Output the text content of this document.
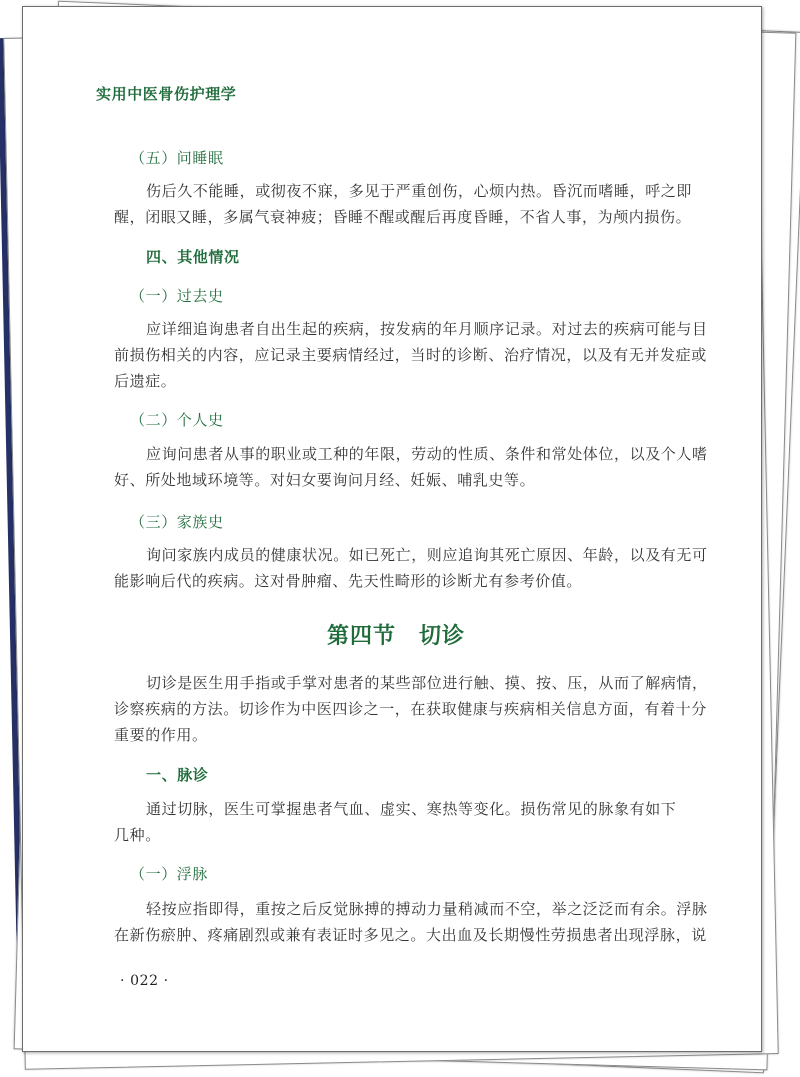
实用中医骨伤护理学
（五）问睡眠
伤后久不能睡，或彻夜不寐，多见于严重创伤，心烦内热。昏沉而嗜睡，呼之即
醒，闭眼又睡，多属气衰神疲；昏睡不醒或醒后再度昏睡，不省人事，为颅内损伤。
四、其他情况
（一）过去史
应详细追询患者自出生起的疾病，按发病的年月顺序记录。对过去的疾病可能与目
前损伤相关的内容，应记录主要病情经过，当时的诊断、治疗情况，以及有无并发症或
后遗症。
（二）个人史
应询问患者从事的职业或工种的年限，劳动的性质、条件和常处体位，以及个人嗜
好、所处地域环境等。对妇女要询问月经、妊娠、哺乳史等。
（三）家族史
询问家族内成员的健康状况。如已死亡，则应追询其死亡原因、年龄，以及有无可
能影响后代的疾病。这对骨肿瘤、先天性畸形的诊断尤有参考价值。
第四节　切诊
切诊是医生用手指或手掌对患者的某些部位进行触、摸、按、压，从而了解病情，
诊察疾病的方法。切诊作为中医四诊之一，在获取健康与疾病相关信息方面，有着十分
重要的作用。
一、脉诊
通过切脉，医生可掌握患者气血、虚实、寒热等变化。损伤常见的脉象有如下
几种。
（一）浮脉
轻按应指即得，重按之后反觉脉搏的搏动力量稍减而不空，举之泛泛而有余。浮脉
在新伤瘀肿、疼痛剧烈或兼有表证时多见之。大出血及长期慢性劳损患者出现浮脉，说
· 022 ·
